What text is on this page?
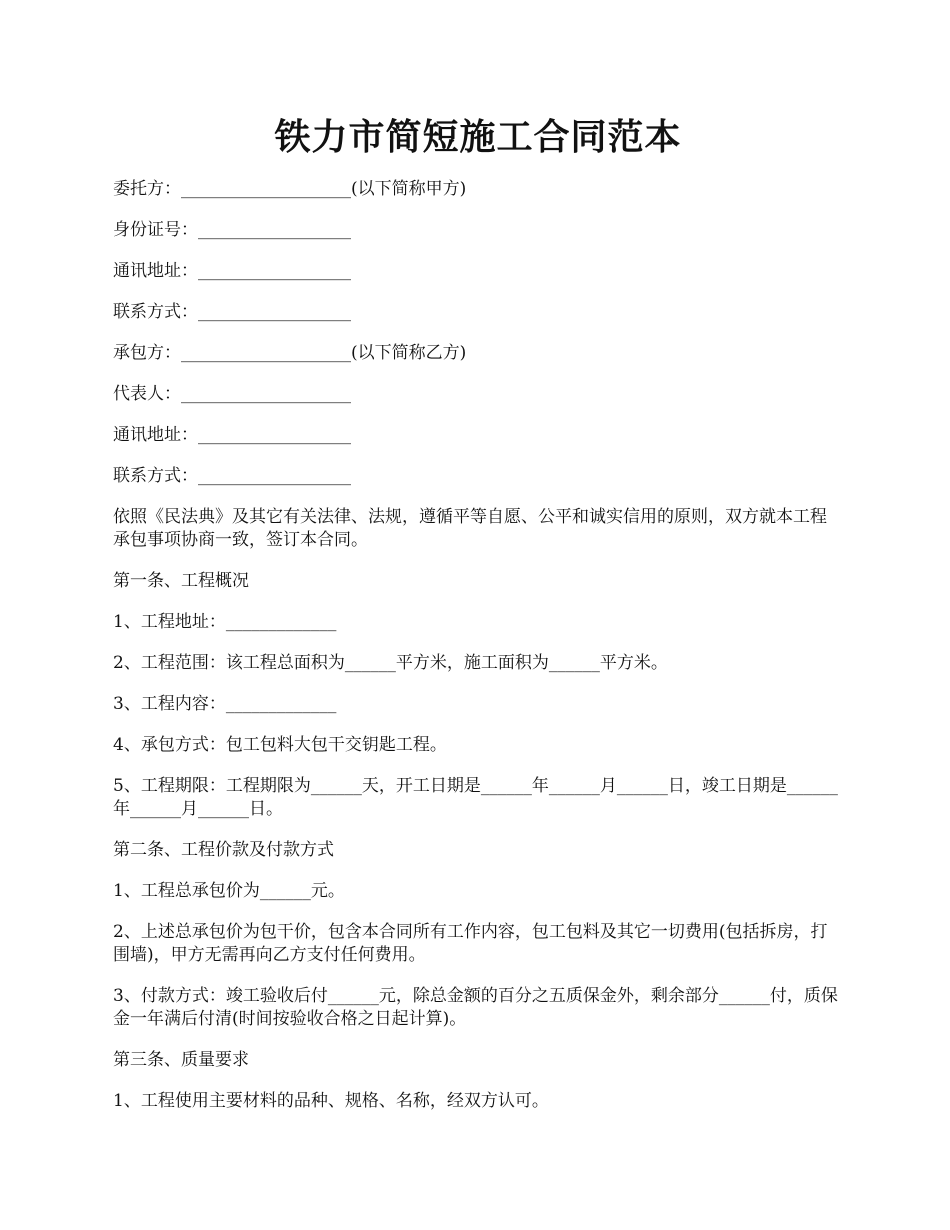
铁力市简短施工合同范本

委托方：____________________(以下简称甲方)

身份证号：__________________

通讯地址：__________________

联系方式：__________________

承包方：____________________(以下简称乙方)

代表人：____________________

通讯地址：__________________

联系方式：__________________

依照《民法典》及其它有关法律、法规，遵循平等自愿、公平和诚实信用的原则，双方就本工程承包事项协商一致，签订本合同。

第一条、工程概况

1、工程地址：_____________

2、工程范围：该工程总面积为______平方米，施工面积为______平方米。

3、工程内容：_____________

4、承包方式：包工包料大包干交钥匙工程。

5、工程期限：工程期限为______天，开工日期是______年______月______日，竣工日期是______年______月______日。

第二条、工程价款及付款方式

1、工程总承包价为______元。

2、上述总承包价为包干价，包含本合同所有工作内容，包工包料及其它一切费用(包括拆房，打围墙)，甲方无需再向乙方支付任何费用。

3、付款方式：竣工验收后付______元，除总金额的百分之五质保金外，剩余部分______付，质保金一年满后付清(时间按验收合格之日起计算)。

第三条、质量要求

1、工程使用主要材料的品种、规格、名称，经双方认可。
